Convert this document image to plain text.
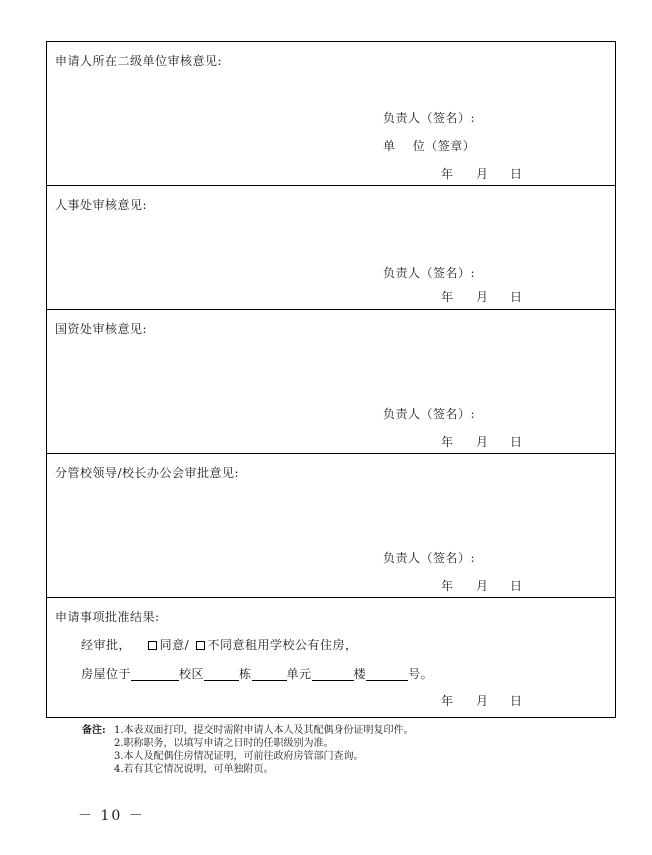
申请人所在二级单位审核意见:
负责人（签名）:
单    位（签章）
年 月 日
人事处审核意见:
负责人（签名）:
年 月 日
国资处审核意见:
负责人（签名）:
年 月 日
分管校领导/校长办公会审批意见:
负责人（签名）:
年 月 日
申请事项批准结果:
经审批， 同意/ 不同意租用学校公有住房，
房屋位于	校区	栋	单元	楼	号。
年 月 日
备注: 1.本表双面打印，提交时需附申请人本人及其配偶身份证明复印件。
2.职称职务，以填写申请之日时的任职级别为准。
3.本人及配偶住房情况证明，可前往政府房管部门查询。
4.若有其它情况说明，可单独附页。
－ 10 －
